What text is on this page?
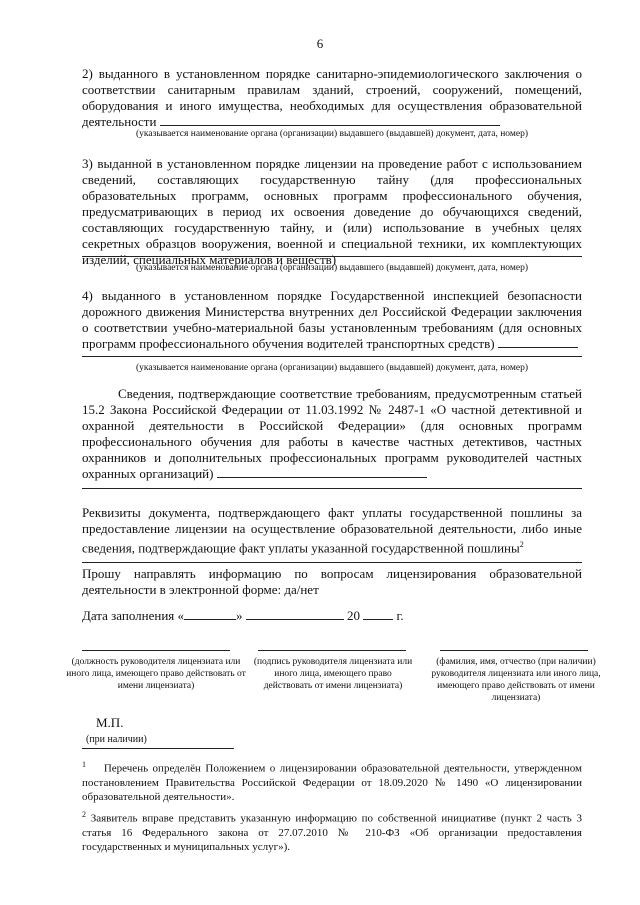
6
2) выданного в установленном порядке санитарно-эпидемиологического заключения о соответствии санитарным правилам зданий, строений, сооружений, помещений, оборудования и иного имущества, необходимых для осуществления образовательной деятельности
(указывается наименование органа (организации) выдавшего (выдавшей) документ, дата, номер)
3) выданной в установленном порядке лицензии на проведение работ с использованием сведений, составляющих государственную тайну (для профессиональных образовательных программ, основных программ профессионального обучения, предусматривающих в период их освоения доведение до обучающихся сведений, составляющих государственную тайну, и (или) использование в учебных целях секретных образцов вооружения, военной и специальной техники, их комплектующих изделий, специальных материалов и веществ)
(указывается наименование органа (организации) выдавшего (выдавшей) документ, дата, номер)
4) выданного в установленном порядке Государственной инспекцией безопасности дорожного движения Министерства внутренних дел Российской Федерации заключения о соответствии учебно-материальной базы установленным требованиям (для основных программ профессионального обучения водителей транспортных средств)
(указывается наименование органа (организации) выдавшего (выдавшей) документ, дата, номер)
Сведения, подтверждающие соответствие требованиям, предусмотренным статьей 15.2 Закона Российской Федерации от 11.03.1992 № 2487-1 «О частной детективной и охранной деятельности в Российской Федерации» (для основных программ профессионального обучения для работы в качестве частных детективов, частных охранников и дополнительных профессиональных программ руководителей частных охранных организаций)
Реквизиты документа, подтверждающего факт уплаты государственной пошлины за предоставление лицензии на осуществление образовательной деятельности, либо иные сведения, подтверждающие факт уплаты указанной государственной пошлины$^2$
Прошу направлять информацию по вопросам лицензирования образовательной деятельности в электронной форме: да/нет
Дата заполнения «	»	20	г.
(должность руководителя лицензиата или иного лица, имеющего право действовать от имени лицензиата)
(подпись руководителя лицензиата или иного лица, имеющего право действовать от имени лицензиата)
(фамилия, имя, отчество (при наличии) руководителя лицензиата или иного лица, имеющего право действовать от имени лицензиата)
М.П.
(при наличии)
$^1$ Перечень определён Положением о лицензировании образовательной деятельности, утвержденном постановлением Правительства Российской Федерации от 18.09.2020 № 1490 «О лицензировании образовательной деятельности».
$^2$ Заявитель вправе представить указанную информацию по собственной инициативе (пункт 2 часть 3 статья 16 Федерального закона от 27.07.2010 № 210-ФЗ «Об организации предоставления государственных и муниципальных услуг»).
